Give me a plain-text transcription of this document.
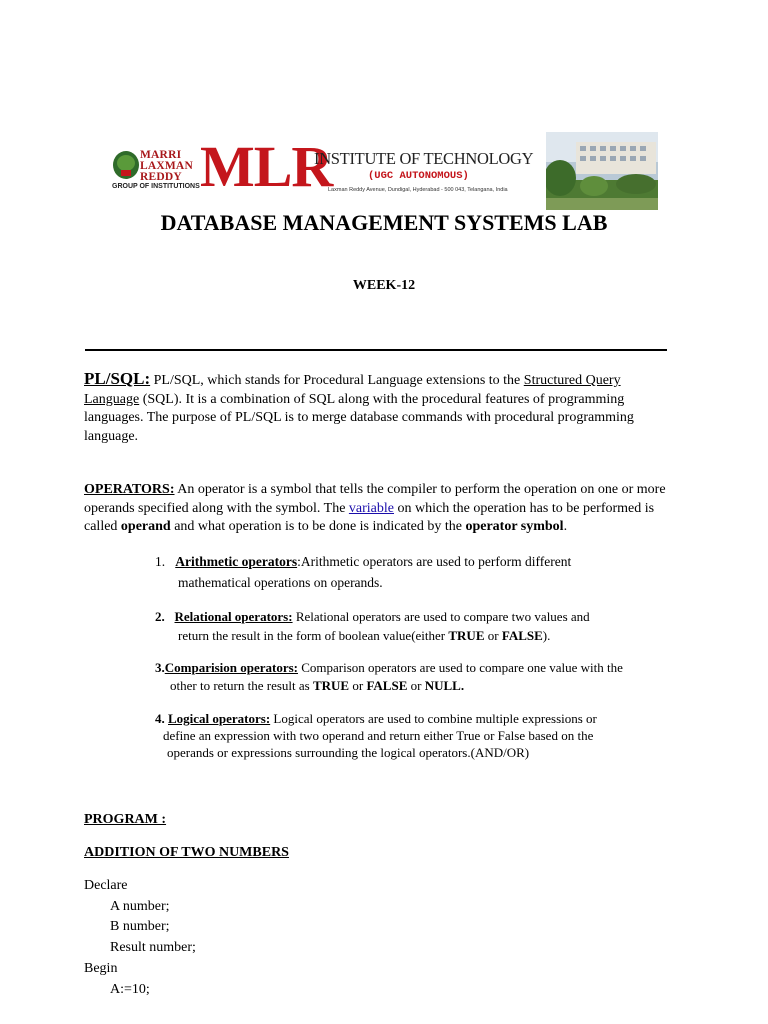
MARRI
LAXMAN
REDDY
GROUP OF INSTITUTIONS MLR
INSTITUTE OF TECHNOLOGY
(UGC AUTONOMOUS)
Laxman Reddy Avenue, Dundigal, Hyderabad - 500 043, Telangana, India
DATABASE MANAGEMENT SYSTEMS LAB
WEEK-12
PL/SQL: PL/SQL, which stands for Procedural Language extensions to the Structured Query Language (SQL). It is a combination of SQL along with the procedural features of programming languages. The purpose of PL/SQL is to merge database commands with procedural programming language.
OPERATORS: An operator is a symbol that tells the compiler to perform the operation on one or more operands specified along with the symbol. The variable on which the operation has to be performed is called operand and what operation is to be done is indicated by the operator symbol.
1. Arithmetic operators:Arithmetic operators are used to perform different
mathematical operations on operands.
2. Relational operators: Relational operators are used to compare two values and
return the result in the form of boolean value(either TRUE or FALSE).
3.Comparision operators: Comparison operators are used to compare one value with the
other to return the result as TRUE or FALSE or NULL.
4. Logical operators: Logical operators are used to combine multiple expressions or
define an expression with two operand and return either True or False based on the
operands or expressions surrounding the logical operators.(AND/OR)
PROGRAM :
ADDITION OF TWO NUMBERS
Declare
A number;
B number;
Result number;
Begin
A:=10;
